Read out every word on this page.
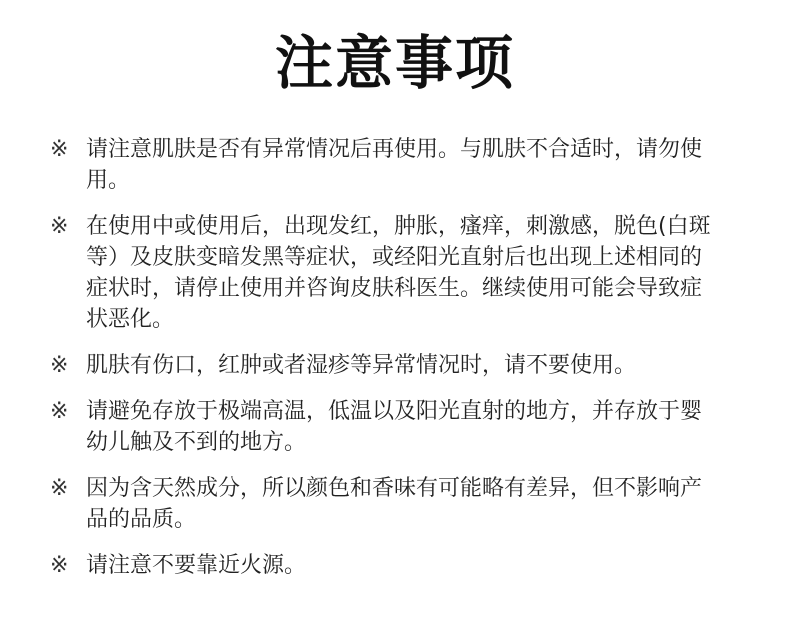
注意事项
※ 请注意肌肤是否有异常情况后再使用。与肌肤不合适时，请勿使用。
※ 在使用中或使用后，出现发红，肿胀，瘙痒，刺激感，脱色(白斑等）及皮肤变暗发黑等症状，或经阳光直射后也出现上述相同的症状时，请停止使用并咨询皮肤科医生。继续使用可能会导致症状恶化。
※ 肌肤有伤口，红肿或者湿疹等异常情况时，请不要使用。
※ 请避免存放于极端高温，低温以及阳光直射的地方，并存放于婴幼儿触及不到的地方。
※ 因为含天然成分，所以颜色和香味有可能略有差异，但不影响产品的品质。
※ 请注意不要靠近火源。
